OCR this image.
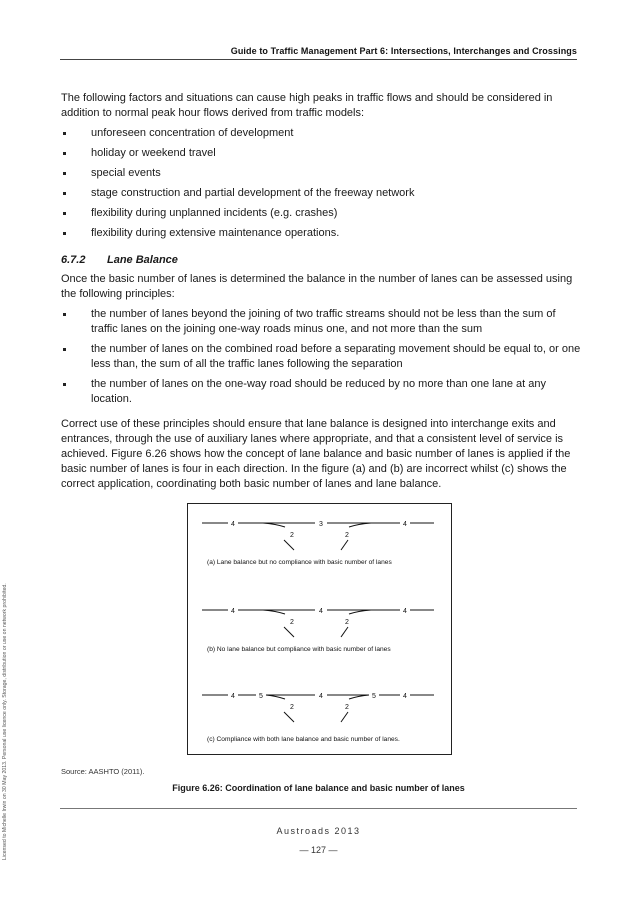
Guide to Traffic Management Part 6: Intersections, Interchanges and Crossings
Licensed to Michelle Irwin on 30 May 2013. Personal use licence only. Storage, distribution or use on network prohibited.

The following factors and situations can cause high peaks in traffic flows and should be considered in addition to normal peak hour flows derived from traffic models:

unforeseen concentration of development
holiday or weekend travel
special events
stage construction and partial development of the freeway network
flexibility during unplanned incidents (e.g. crashes)
flexibility during extensive maintenance operations.
6.7.2 Lane Balance

Once the basic number of lanes is determined the balance in the number of lanes can be assessed using the following principles:

the number of lanes beyond the joining of two traffic streams should not be less than the sum of traffic lanes on the joining one-way roads minus one, and not more than the sum
the number of lanes on the combined road before a separating movement should be equal to, or one less than, the sum of all the traffic lanes following the separation
the number of lanes on the one-way road should be reduced by no more than one lane at any location.

Correct use of these principles should ensure that lane balance is designed into interchange exits and entrances, through the use of auxiliary lanes where appropriate, and that a consistent level of service is achieved. Figure 6.26 shows how the concept of lane balance and basic number of lanes is applied if the basic number of lanes is four in each direction. In the figure (a) and (b) are incorrect whilst (c) shows the correct application, coordinating both basic number of lanes and lane balance.

4	3	4
2	2
(a) Lane balance but no compliance with basic number of lanes
4	4	4
2	2
(b) No lane balance but compliance with basic number of lanes
4	5	4	5	4
2	2
(c) Compliance with both lane balance and basic number of lanes.
Source: AASHTO (2011).
Figure 6.26: Coordination of lane balance and basic number of lanes
Austroads 2013
— 127 —
